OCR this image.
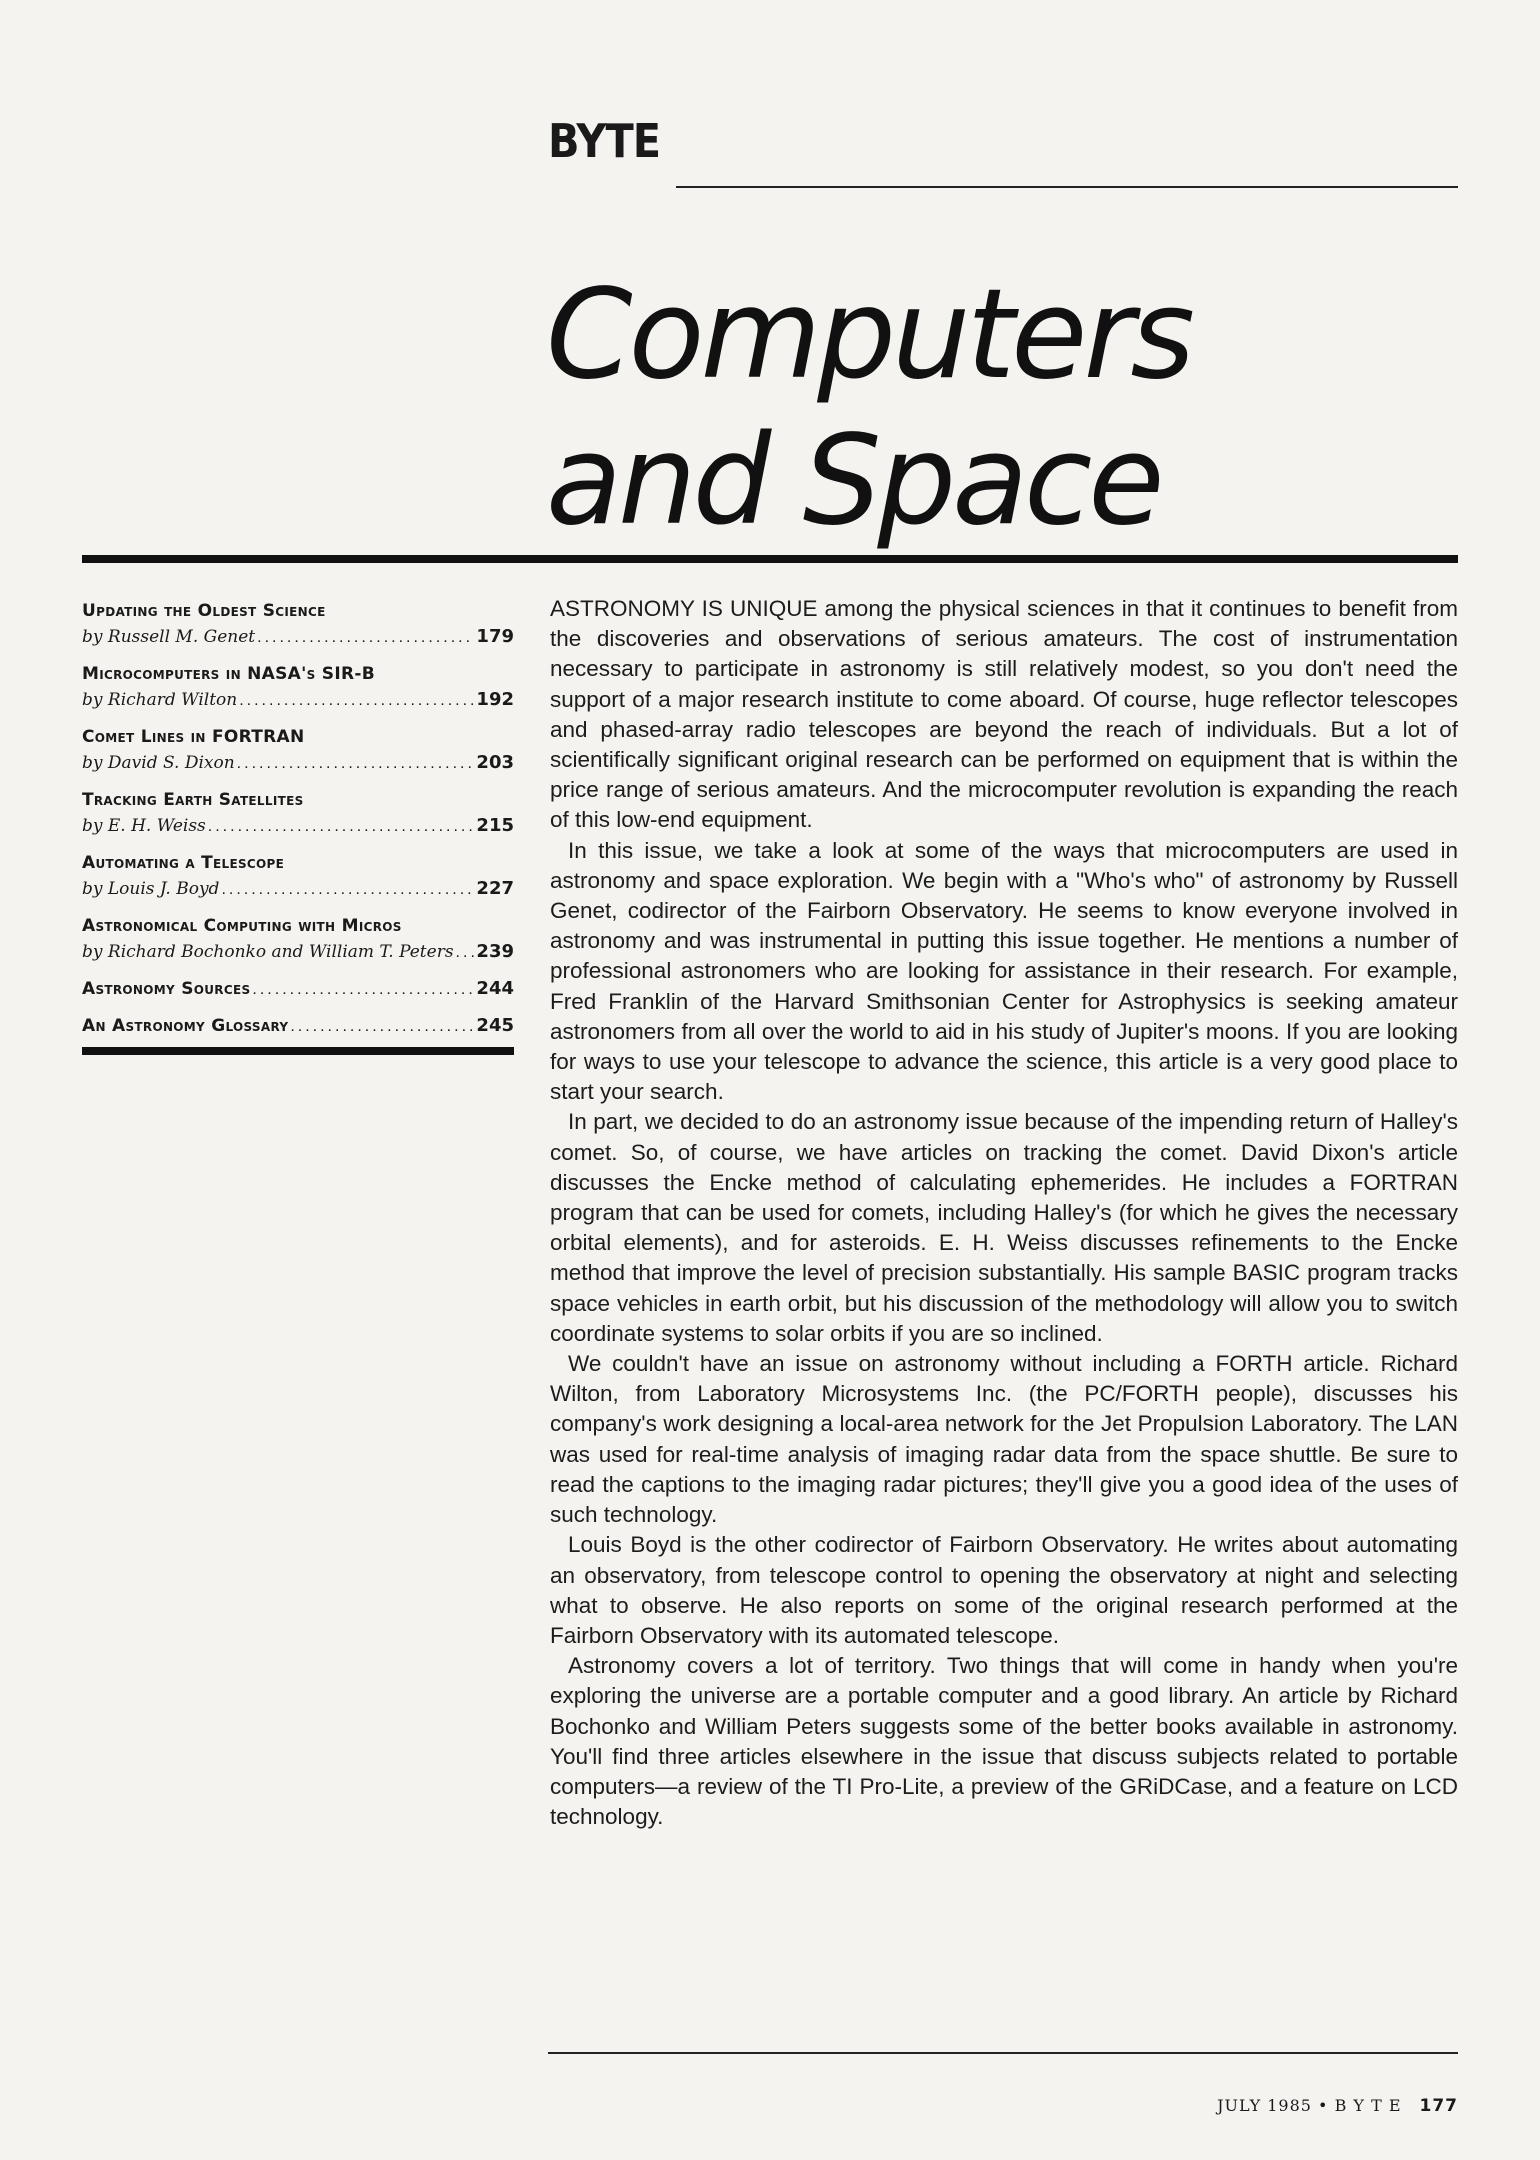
BYTE
Computers
and Space
Updating the Oldest Science
by Russell M. Genet .....	179
Microcomputers in NASA's SIR-B
by Richard Wilton .....	192
Comet Lines in FORTRAN
by David S. Dixon .....	203
Tracking Earth Satellites
by E. H. Weiss .....	215
Automating a Telescope
by Louis J. Boyd .....	227
Astronomical Computing with Micros
by Richard Bochonko and William T. Peters ..... 239
Astronomy Sources .....	244
An Astronomy Glossary .....	245

ASTRONOMY IS UNIQUE among the physical sciences in that it continues to benefit from the discoveries and observations of serious amateurs. The cost of instrumentation necessary to participate in astronomy is still relatively modest, so you don't need the support of a major research institute to come aboard. Of course, huge reflector telescopes and phased-array radio telescopes are beyond the reach of individuals. But a lot of scientifically significant original research can be performed on equipment that is within the price range of serious amateurs. And the microcomputer revolution is expanding the reach of this low-end equipment.

In this issue, we take a look at some of the ways that microcomputers are used in astronomy and space exploration. We begin with a "Who's who" of astronomy by Russell Genet, codirector of the Fairborn Observatory. He seems to know everyone involved in astronomy and was instrumental in putting this issue together. He mentions a number of professional astronomers who are looking for assistance in their research. For example, Fred Franklin of the Harvard Smithsonian Center for Astrophysics is seeking amateur astronomers from all over the world to aid in his study of Jupiter's moons. If you are looking for ways to use your telescope to advance the science, this article is a very good place to start your search.

In part, we decided to do an astronomy issue because of the impending return of Halley's comet. So, of course, we have articles on tracking the comet. David Dixon's article discusses the Encke method of calculating ephemerides. He includes a FORTRAN program that can be used for comets, including Halley's (for which he gives the necessary orbital elements), and for asteroids. E. H. Weiss discusses refinements to the Encke method that improve the level of precision substantially. His sample BASIC program tracks space vehicles in earth orbit, but his discussion of the methodology will allow you to switch coordinate systems to solar orbits if you are so inclined.

We couldn't have an issue on astronomy without including a FORTH article. Richard Wilton, from Laboratory Microsystems Inc. (the PC/FORTH people), discusses his company's work designing a local-area network for the Jet Propulsion Laboratory. The LAN was used for real-time analysis of imaging radar data from the space shuttle. Be sure to read the captions to the imaging radar pictures; they'll give you a good idea of the uses of such technology.

Louis Boyd is the other codirector of Fairborn Observatory. He writes about automating an observatory, from telescope control to opening the observatory at night and selecting what to observe. He also reports on some of the original research performed at the Fairborn Observatory with its automated telescope.

Astronomy covers a lot of territory. Two things that will come in handy when you're exploring the universe are a portable computer and a good library. An article by Richard Bochonko and William Peters suggests some of the better books available in astronomy. You'll find three articles elsewhere in the issue that discuss subjects related to portable computers—a review of the TI Pro-Lite, a preview of the GRiDCase, and a feature on LCD technology.

JULY 1985 • B Y T E 177
